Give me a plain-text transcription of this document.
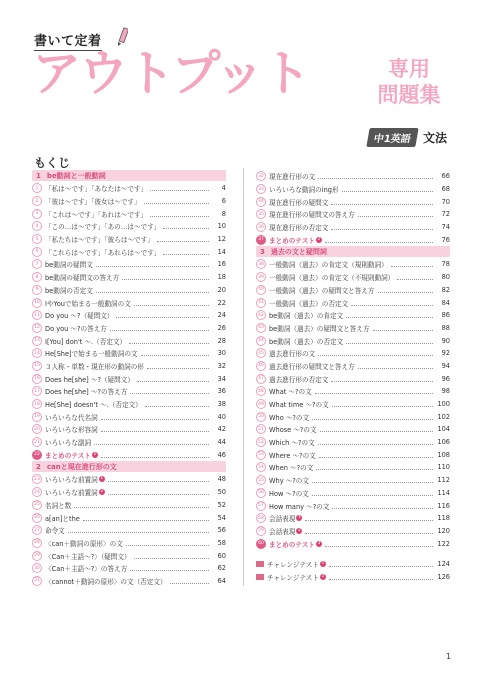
書いて定着
アウトプット	専用
問題集
中1英語 文法
もくじ
1 be動詞と一般動詞
1 「私は〜です」「あなたは〜です」	4
2 「彼は〜です」「彼女は〜です」	6
3 「これは〜です」「あれは〜です」	8
4 「この…は〜です」「あの…は〜です」	10
5 「私たちは〜です」「彼らは〜です」	12
6 「これらは〜です」「あれらは〜です」	14
7 be動詞の疑問文	16
8 be動詞の疑問文の答え方	18
9 be動詞の否定文	20
10 IやYouで始まる一般動詞の文	22
11 Do you 〜?（疑問文）	24
12 Do you 〜?の答え方	26
13 I[You] don't 〜.（否定文）	28
14 He[She]で始まる一般動詞の文	30
15 ３人称・単数・現在形の動詞の形	32
16 Does he[she] 〜?（疑問文）	34
17 Does he[she] 〜?の答え方	36
18 He[She] doesn't 〜.（否定文）	38
19 いろいろな代名詞	40
20 いろいろな形容詞	42
21 いろいろな副詞	44
22 まとめのテスト 1	46
2 canと現在進行形の文
23 いろいろな前置詞 1	48
24 いろいろな前置詞 2	50
25 名詞と数	52
26 a[an]とthe	54
27 命令文	56
28 〈can＋動詞の原形〉の文	58
29 〈Can＋主語〜?〉（疑問文）	60
30 〈Can＋主語〜?〉の答え方	62
31 〈cannot＋動詞の原形〉の文（否定文）	64
32 現在進行形の文	66
33 いろいろな動詞のing形	68
34 現在進行形の疑問文	70
35 現在進行形の疑問文の答え方	72
36 現在進行形の否定文	74
37 まとめのテスト 2	76
3 過去の文と疑問詞
38 一般動詞（過去）の肯定文（規則動詞）	78
39 一般動詞（過去）の肯定文（不規則動詞）	80
40 一般動詞（過去）の疑問文と答え方	82
41 一般動詞（過去）の否定文	84
42 be動詞（過去）の肯定文	86
43 be動詞（過去）の疑問文と答え方	88
44 be動詞（過去）の否定文	90
45 過去進行形の文	92
46 過去進行形の疑問文と答え方	94
47 過去進行形の否定文	96
48 What 〜?の文	98
49 What time 〜?の文	100
50 Who 〜?の文	102
51 Whose 〜?の文	104
52 Which 〜?の文	106
53 Where 〜?の文	108
54 When 〜?の文	110
55 Why 〜?の文	112
56 How 〜?の文	114
57 How many 〜?の文	116
58 会話表現 1	118
59 会話表現 2	120
60 まとめのテスト 3	122
チャレンジテスト 1	124
チャレンジテスト 2	126
1
